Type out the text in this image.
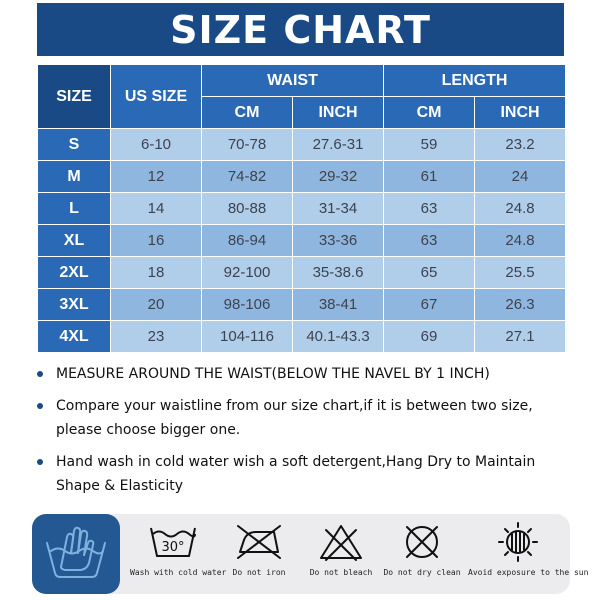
SIZE CHART
SIZE	US SIZE	WAIST		LENGTH	
		CM	INCH	CM	INCH
S	6-10	70-78	27.6-31	59	23.2
M	12	74-82	29-32	61	24
L	14	80-88	31-34	63	24.8
XL	16	86-94	33-36	63	24.8
2XL	18	92-100	35-38.6	65	25.5
3XL	20	98-106	38-41	67	26.3
4XL	23	104-116	40.1-43.3	69	27.1
MEASURE AROUND THE WAIST(BELOW THE NAVEL BY 1 INCH)
Compare your waistline from our size chart,if it is between two size,
please choose bigger one.
Hand wash in cold water wish a soft detergent,Hang Dry to Maintain
Shape & Elasticity
30°
Wash with cold water Do not iron	Do not bleach	Do not dry clean Avoid exposure to the sun
